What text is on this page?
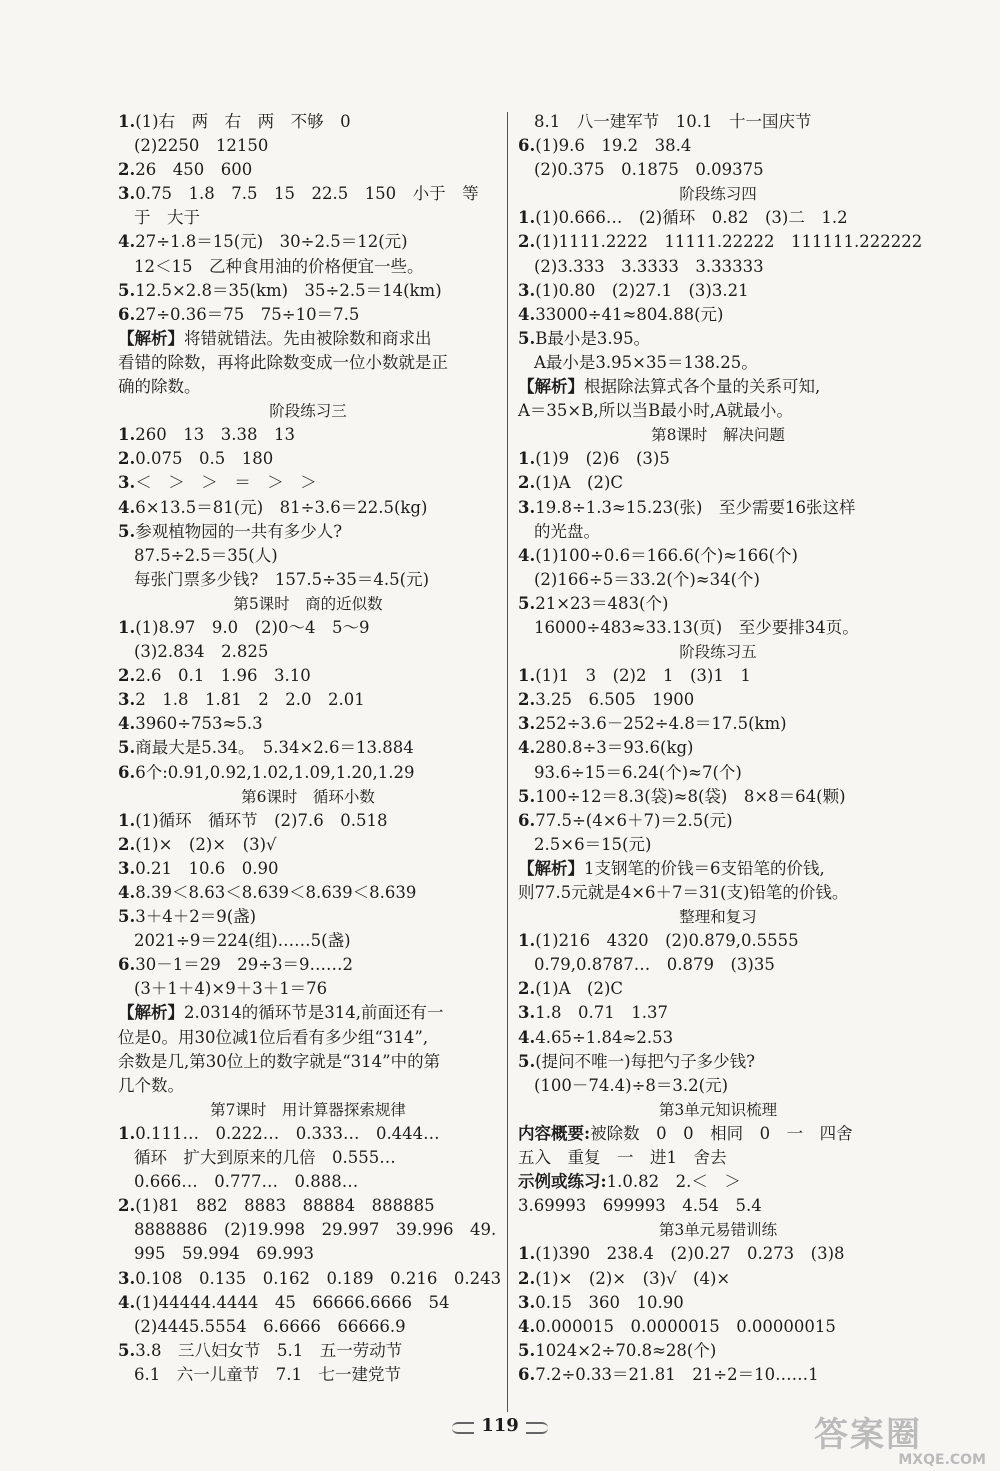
1.(1)右　两　右　两　不够　0
(2)2250　12150
2.26　450　600
3.0.75　1.8　7.5　15　22.5　150　小于　等
于　大于
4.27÷1.8＝15(元)　30÷2.5＝12(元)
12＜15　乙种食用油的价格便宜一些。
5.12.5×2.8＝35(km)　35÷2.5＝14(km)
6.27÷0.36＝75　75÷10＝7.5
【解析】将错就错法。先由被除数和商求出
看错的除数，再将此除数变成一位小数就是正
确的除数。
阶段练习三
1.260　13　3.38　13
2.0.075　0.5　180
3.＜　＞　＞　＝　＞　＞
4.6×13.5＝81(元)　81÷3.6＝22.5(kg)
5.参观植物园的一共有多少人?
87.5÷2.5＝35(人)
每张门票多少钱?　157.5÷35＝4.5(元)
第5课时　商的近似数
1.(1)8.97　9.0　(2)0～4　5～9
(3)2.834　2.825
2.2.6　0.1　1.96　3.10
3.2　1.8　1.81　2　2.0　2.01
4.3960÷753≈5.3
5.商最大是5.34。　5.34×2.6＝13.884
6.6个:0.91,0.92,1.02,1.09,1.20,1.29
第6课时　循环小数
1.(1)循环　循环节　(2)7.6　0.518
2.(1)×　(2)×　(3)√
3.0.21　10.6　0.90
4.8.39＜8.63＜8.639＜8.639＜8.639
5.3＋4＋2＝9(盏)
2021÷9＝224(组)……5(盏)
6.30－1＝29　29÷3＝9……2
(3＋1＋4)×9＋3＋1＝76
【解析】2.0314的循环节是314,前面还有一
位是0。用30位减1位后看有多少组“314”,
余数是几,第30位上的数字就是“314”中的第
几个数。
第7课时　用计算器探索规律
1.0.111…　0.222…　0.333…　0.444…
循环　扩大到原来的几倍　0.555…
0.666…　0.777…　0.888…
2.(1)81　882　8883　88884　888885
8888886　(2)19.998　29.997　39.996　49.
995　59.994　69.993
3.0.108　0.135　0.162　0.189　0.216　0.243
4.(1)44444.4444　45　66666.6666　54
(2)4445.5554　6.6666　66666.9
5.3.8　三八妇女节　5.1　五一劳动节
6.1　六一儿童节　7.1　七一建党节
8.1　八一建军节　10.1　十一国庆节
6.(1)9.6　19.2　38.4
(2)0.375　0.1875　0.09375
阶段练习四
1.(1)0.666…　(2)循环　0.82　(3)二　1.2
2.(1)1111.2222　11111.22222　111111.222222
(2)3.333　3.3333　3.33333
3.(1)0.80　(2)27.1　(3)3.21
4.33000÷41≈804.88(元)
5.B最小是3.95。
A最小是3.95×35＝138.25。
【解析】根据除法算式各个量的关系可知,
A＝35×B,所以当B最小时,A就最小。
第8课时　解决问题
1.(1)9　(2)6　(3)5
2.(1)A　(2)C
3.19.8÷1.3≈15.23(张)　至少需要16张这样
的光盘。
4.(1)100÷0.6＝166.6(个)≈166(个)
(2)166÷5＝33.2(个)≈34(个)
5.21×23＝483(个)
16000÷483≈33.13(页)　至少要排34页。
阶段练习五
1.(1)1　3　(2)2　1　(3)1　1
2.3.25　6.505　1900
3.252÷3.6－252÷4.8＝17.5(km)
4.280.8÷3＝93.6(kg)
93.6÷15＝6.24(个)≈7(个)
5.100÷12＝8.3(袋)≈8(袋)　8×8＝64(颗)
6.77.5÷(4×6＋7)＝2.5(元)
2.5×6＝15(元)
【解析】1支钢笔的价钱＝6支铅笔的价钱,
则77.5元就是4×6＋7＝31(支)铅笔的价钱。
整理和复习
1.(1)216　4320　(2)0.879,0.5555
0.79,0.8787…　0.879　(3)35
2.(1)A　(2)C
3.1.8　0.71　1.37
4.4.65÷1.84≈2.53
5.(提问不唯一)每把勺子多少钱?
(100－74.4)÷8＝3.2(元)
第3单元知识梳理
内容概要:被除数　0　0　相同　0　一　四舍
五入　重复　一　进1　舍去
示例或练习:1.0.82　2.＜　＞
3.69993　699993　4.54　5.4
第3单元易错训练
1.(1)390　238.4　(2)0.27　0.273　(3)8
2.(1)×　(2)×　(3)√　(4)×
3.0.15　360　10.90
4.0.000015　0.0000015　0.00000015
5.1024×2÷70.8≈28(个)
6.7.2÷0.33＝21.81　21÷2＝10……1
119	答案圈
MXQE.COM
